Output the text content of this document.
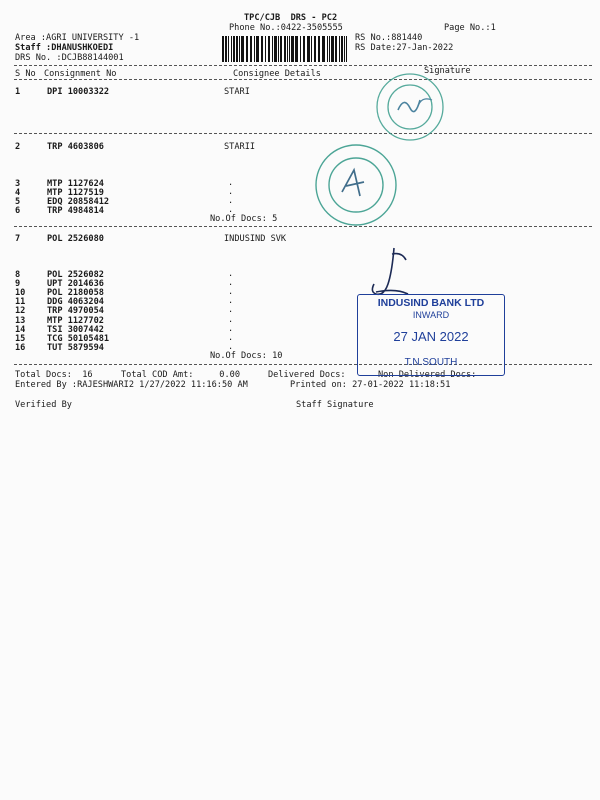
TPC/CJB  DRS - PC2
Phone No.:0422-3505555	Page No.:1
Area :AGRI UNIVERSITY -1
Staff :DHANUSHKOEDI
DRS No. :DCJB88144001
RS No.:881440
RS Date:27-Jan-2022
S No Consignment No	Consignee Details	Signature
1	DPI 10003322	STARI
2	TRP 4603806	STARII
3	MTP 1127624	.
4	MTP 1127519	.
5	EDQ 20858412	.
6	TRP 4984814	.
No.Of Docs: 5
7	POL 2526080	INDUSIND SVK
8	POL 2526082	.
9	UPT 2014636	.
10	POL 2180058	.
11	DDG 4063204	.
12	TRP 4970054	.
13	MTP 1127702	.
14	TSI 3007442	.
15	TCG 50105481	.
16	TUT 5879594	.
No.Of Docs: 10
Total Docs:  16	Total COD Amt:     0.00	Delivered Docs:	Non Delivered Docs:
Entered By :RAJESHWARI2 1/27/2022 11:16:50 AM	Printed on: 27-01-2022 11:18:51
Verified By	Staff Signature
INDUSIND BANK LTD
INWARD
27 JAN 2022
T.N.SOUTH
